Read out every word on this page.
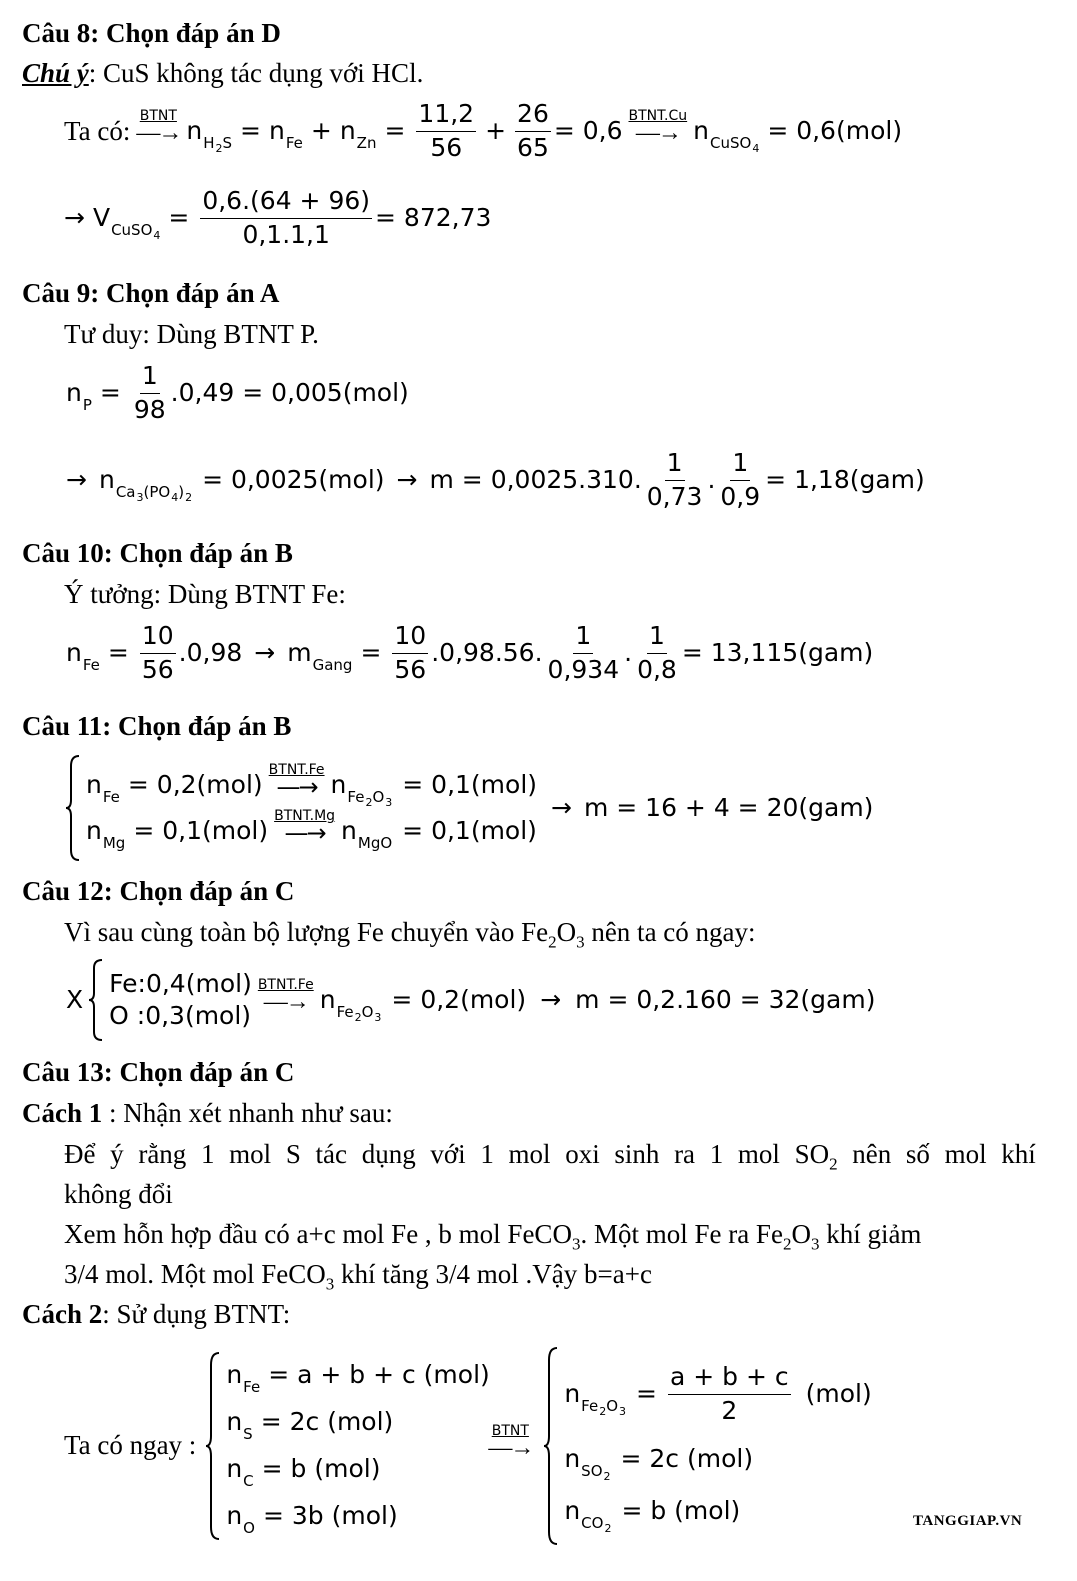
Câu 8: Chọn đáp án D
Chú ý: CuS không tác dụng với HCl.
Ta có: BTNT
—→ $n_{H_2S} = n_{Fe} + n_{Zn} = \frac{11,2}{56} + \frac{26}{65} = 0,6$ BTNT.Cu
—→ $n_{CuSO_4}$
= 0,6(mol)
→ $V_{CuSO_4}$
= $\frac{0,6.(64 + 96)}{0,1.1,1} = 872,73$
Câu 9: Chọn đáp án A
Tư duy: Dùng BTNT P.
$n_P = \frac{1}{98} .0,49 = 0,005(mol)$
→ $n_{Ca_3(PO_4)_2}$
= 0,0025(mol) → m = 0,0025.310. $\frac{1}{0,73}$ . $\frac{1}{0,9} = 1,18(gam)$
Câu 10: Chọn đáp án B
Ý tưởng: Dùng BTNT Fe:
$n_{Fe} = \frac{10}{56} .0,98 \to m_{Gang} = \frac{10}{56} .0,98.56$. $\frac{1}{0,934}$ . $\frac{1}{0,8} = 13,115(gam)$
Câu 11: Chọn đáp án B
$n_{Fe} = 0,2(mol)$ BTNT.Fe
—→ $n_{Fe_2O_3}$
= 0,1(mol)
$n_{Mg} = 0,1(mol)$ BTNT.Mg
—→ $n_{MgO} = 0,1(mol)$
→ m = 16 + 4 = 20(gam)
Câu 12: Chọn đáp án C
Vì sau cùng toàn bộ lượng Fe chuyển vào $Fe_2O_3$ nên ta có ngay:
X
Fe:0,4(mol)
O :0,3(mol)
BTNT.Fe
—→ $n_{Fe_2O_3}$
= 0,2(mol) → m = 0,2.160 = 32(gam)
Câu 13: Chọn đáp án C
Cách 1 : Nhận xét nhanh như sau:
Để ý rằng 1 mol S tác dụng với 1 mol oxi sinh ra 1 mol $SO_2$ nên số mol khí
không đổi
Xem hỗn hợp đầu có a+c mol Fe , b mol FeCO$_3$. Một mol Fe ra $Fe_2O_3$ khí giảm
3/4 mol. Một mol FeCO$_3$ khí tăng 3/4 mol .Vậy b=a+c
Cách 2: Sử dụng BTNT:
Ta có ngay :
$n_{Fe} = a + b + c$ (mol)
$n_S = 2c$ (mol)
$n_C = b$ (mol)
$n_O = 3b$ (mol)
BTNT
—→
$n_{Fe_2O_3}$
= $\frac{a + b + c}{2} (mol)$
$n_{SO_2}$
= 2c (mol)
$n_{CO_2}$
= b (mol)	TANGGIAP.VN
